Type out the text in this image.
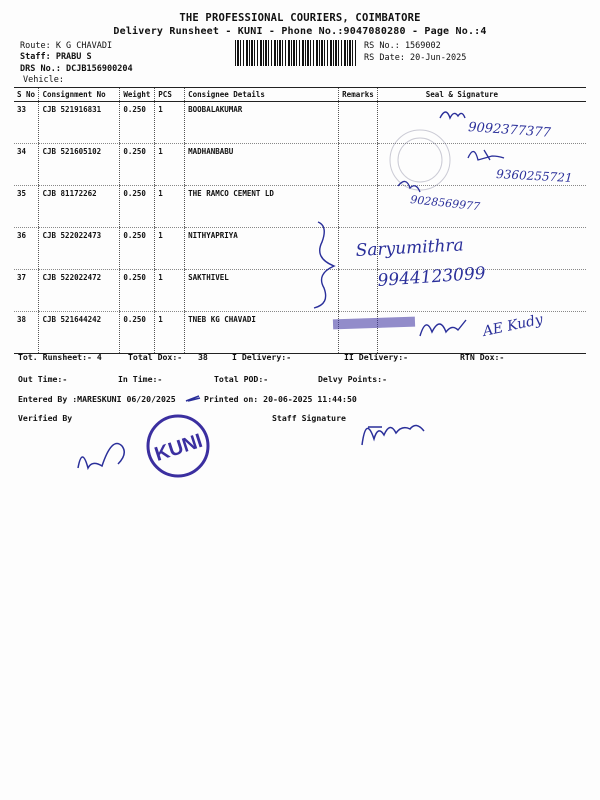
THE PROFESSIONAL COURIERS, COIMBATORE
Delivery Runsheet - KUNI - Phone No.:9047080280 - Page No.:4
Route: K G CHAVADI
Staff: PRABU S
DRS No.: DCJB156900204
Vehicle:
RS No.: 1569002
RS Date: 20-Jun-2025
S No	Consignment No	Weight	PCS	Consignee Details	Remarks	Seal & Signature
33	CJB 521916831	0.250	1	BOOBALAKUMAR		
34	CJB 521605102	0.250	1	MADHANBABU		
35	CJB 81172262	0.250	1	THE RAMCO CEMENT LD		
36	CJB 522022473	0.250	1	NITHYAPRIYA		
37	CJB 522022472	0.250	1	SAKTHIVEL		
38	CJB 521644242	0.250	1	TNEB KG CHAVADI		
9092377377
9360255721
9028569977
Saryumithra
9944123099
AE Kudy
Tot. Runsheet:- 4	Total Dox:- 38	I Delivery:-	II Delivery:-	RTN Dox:-
Out Time:-	In Time:-	Total POD:-	Delvy Points:-
Entered By :MARESKUNI 06/20/2025	Printed on: 20-06-2025 11:44:50
Verified By	Staff Signature
KUNI
